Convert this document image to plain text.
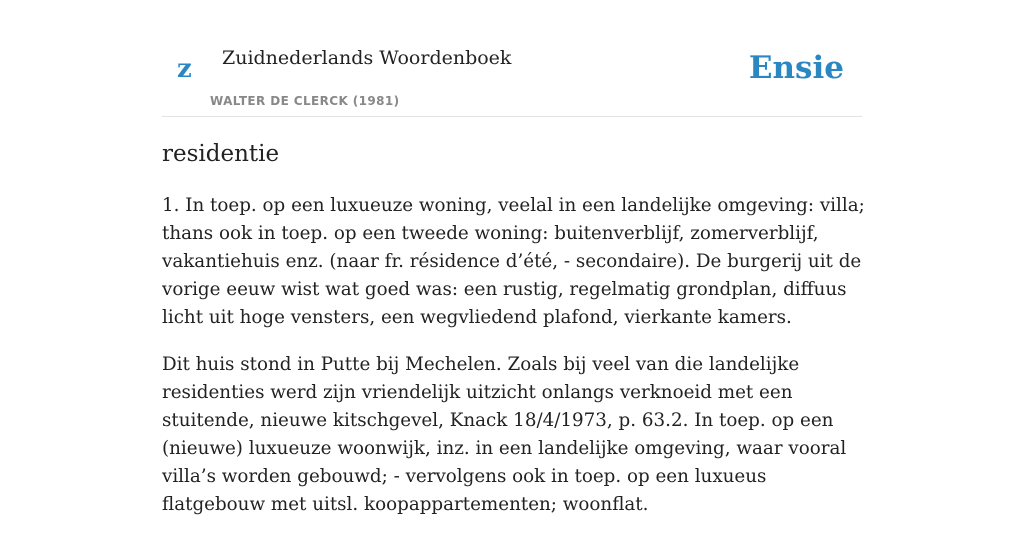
z Zuidnederlands Woordenboek
WALTER DE CLERCK (1981)
Ensie
residentie

1. In toep. op een luxueuze woning, veelal in een landelijke omgeving: villa; thans ook in toep. op een tweede woning: buitenverblijf, zomerverblijf, vakantiehuis enz. (naar fr. résidence d’été, - secondaire). De burgerij uit de vorige eeuw wist wat goed was: een rustig, regelmatig grondplan, diffuus licht uit hoge vensters, een wegvliedend plafond, vierkante kamers.

Dit huis stond in Putte bij Mechelen. Zoals bij veel van die landelijke residenties werd zijn vriendelijk uitzicht onlangs verknoeid met een stuitende, nieuwe kitschgevel, Knack 18/4/1973, p. 63.2. In toep. op een (nieuwe) luxueuze woonwijk, inz. in een landelijke omgeving, waar vooral villa’s worden gebouwd; - vervolgens ook in toep. op een luxueus flatgebouw met uitsl. koopappartementen; woonflat.
